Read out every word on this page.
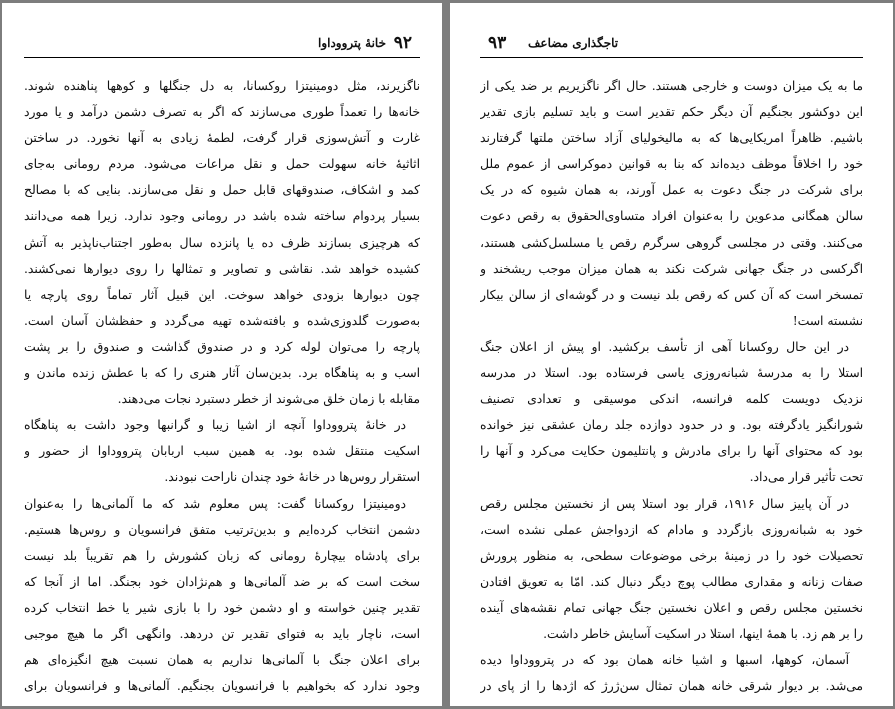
۹۲
خانهٔ پترووداوا
ناگزیرند، مثل دومینیتزا روکسانا، به دل جنگلها و کوهها پناهنده شوند.
خانه‌ها را تعمداً طوری می‌سازند که اگر به تصرف دشمن درآمد و یا مورد
غارت و آتش‌سوزی قرار گرفت، لطمهٔ زیادی به آنها نخورد. در ساختن
اثاثیهٔ خانه سهولت حمل و نقل مراعات می‌شود. مردم رومانی به‌جای
کمد و اشکاف، صندوقهای قابل حمل و نقل می‌سازند. بنایی که با مصالح
بسیار پردوام ساخته شده باشد در رومانی وجود ندارد. زیرا همه می‌دانند
که هرچیزی بسازند ظرف ده یا پانزده سال به‌طور اجتناب‌ناپذیر به آتش
کشیده خواهد شد. نقاشی و تصاویر و تمثالها را روی دیوارها نمی‌کشند.
چون دیوارها بزودی خواهد سوخت. این قبیل آثار تماماً روی پارچه یا
به‌صورت گلدوزی‌شده و بافته‌شده تهیه می‌گردد و حفظشان آسان است.
پارچه را می‌توان لوله کرد و در صندوق گذاشت و صندوق را بر پشت
اسب و به پناهگاه برد. بدین‌سان آثار هنری را که با عطش زنده ماندن و
مقابله با زمان خلق می‌شوند از خطر دستبرد نجات می‌دهند.
در خانهٔ پترووداوا آنچه از اشیا زیبا و گرانبها وجود داشت به پناهگاه
اسکیت منتقل شده بود. به همین سبب اربابان پترووداوا از حضور و
استقرار روس‌ها در خانهٔ خود چندان ناراحت نبودند.
دومینیتزا روکسانا گفت: پس معلوم شد که ما آلمانی‌ها را به‌عنوان
دشمن انتخاب کرده‌ایم و بدین‌ترتیب متفق فرانسویان و روس‌ها هستیم.
برای پادشاه بیچارهٔ رومانی که زبان کشورش را هم تقریباً بلد نیست
سخت است که بر ضد آلمانی‌ها و هم‌نژادان خود بجنگد. اما از آنجا که
تقدیر چنین خواسته و او دشمن خود را با بازی شیر یا خط انتخاب کرده
است، ناچار باید به فتوای تقدیر تن دردهد. وانگهی اگر ما هیچ موجبی
برای اعلان جنگ با آلمانی‌ها نداریم به همان نسبت هیچ انگیزه‌ای هم
وجود ندارد که بخواهیم با فرانسویان بجنگیم. آلمانی‌ها و فرانسویان برای
۹۳ تاجگذاری مضاعف
ما به یک میزان دوست و خارجی هستند. حال اگر ناگزیریم بر ضد یکی از
این دوکشور بجنگیم آن دیگر حکم تقدیر است و باید تسلیم بازی تقدیر
باشیم. ظاهراً امریکایی‌ها که به مالیخولیای آزاد ساختن ملتها گرفتارند
خود را اخلاقاً موظف دیده‌اند که بنا به قوانین دموکراسی از عموم ملل
برای شرکت در جنگ دعوت به عمل آورند، به همان شیوه که در یک
سالن همگانی مدعوین را به‌عنوان افراد متساوی‌الحقوق به رقص دعوت
می‌کنند. وقتی در مجلسی گروهی سرگرم رقص یا مسلسل‌کشی هستند،
اگرکسی در جنگ جهانی شرکت نکند به همان میزان موجب ریشخند و
تمسخر است که آن کس که رقص بلد نیست و در گوشه‌ای از سالن بیکار
نشسته است!
در این حال روکسانا آهی از تأسف برکشید. او پیش از اعلان جنگ
استلا را به مدرسهٔ شبانه‌روزی یاسی فرستاده بود. استلا در مدرسه
نزدیک دویست کلمه فرانسه، اندکی موسیقی و تعدادی تصنیف
شورانگیز یادگرفته بود. و در حدود دوازده جلد رمان عشقی نیز خوانده
بود که محتوای آنها را برای مادرش و پانتلیمون حکایت می‌کرد و آنها را
تحت تأثیر قرار می‌داد.
در آن پاییز سال ۱۹۱۶، قرار بود استلا پس از نخستین مجلس رقص
خود به شبانه‌روزی بازگردد و مادام که ازدواجش عملی نشده است،
تحصیلات خود را در زمینهٔ برخی موضوعات سطحی، به منظور پرورش
صفات زنانه و مقداری مطالب پوچ دیگر دنبال کند. امّا به تعویق افتادن
نخستین مجلس رقص و اعلان نخستین جنگ جهانی تمام نقشه‌های آینده
را بر هم زد. با همهٔ اینها، استلا در اسکیت آسایش خاطر داشت.
آسمان، کوهها، اسبها و اشیا خانه همان بود که در پترووداوا دیده
می‌شد. بر دیوار شرقی خانه همان تمثال سن‌ژرژ که اژدها را از پای در
